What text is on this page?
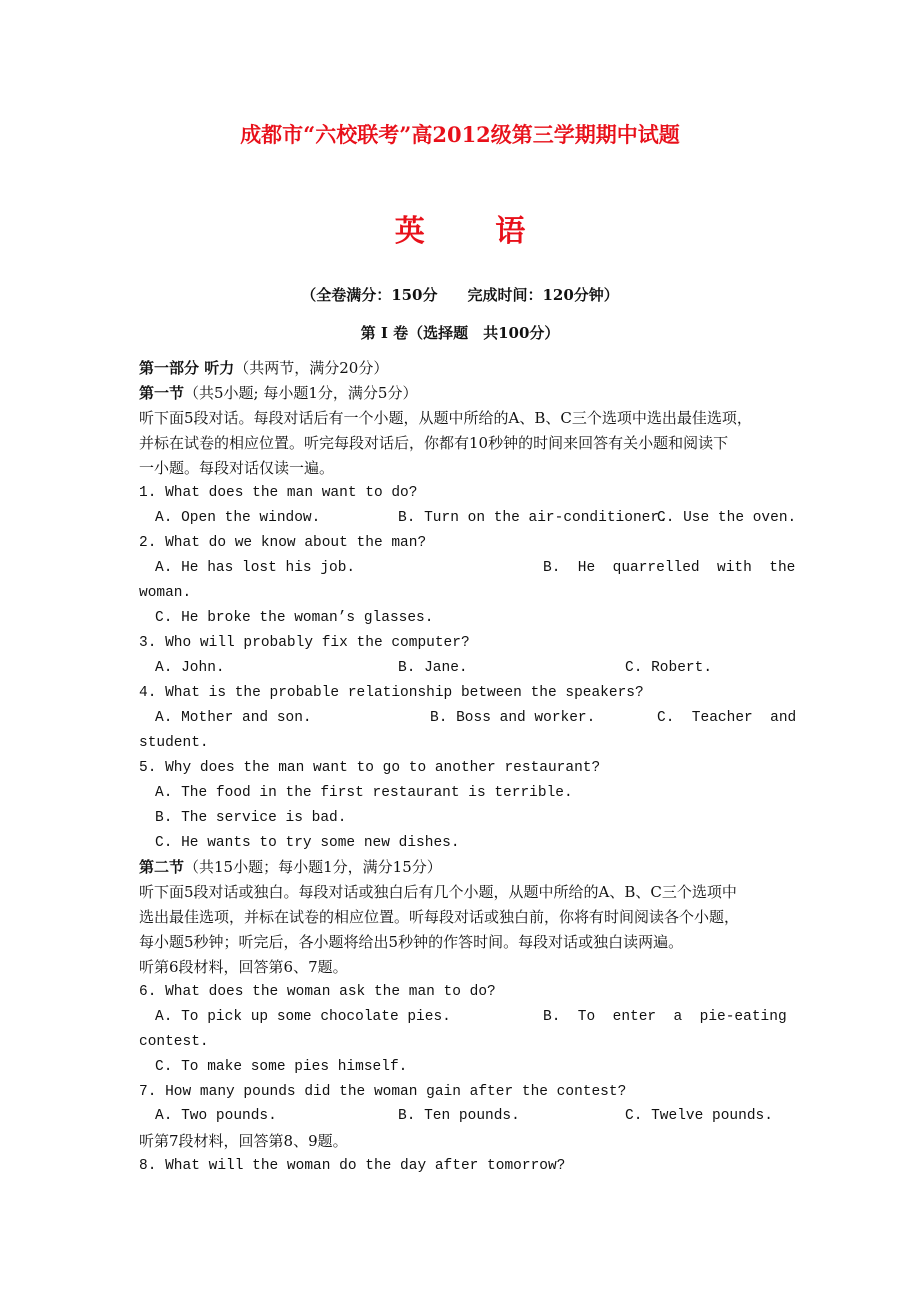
成都市“六校联考”高2012级第三学期期中试题
英 语
（全卷满分：150分　　完成时间：120分钟）
第 Ⅰ 卷（选择题　共100分）
第一部分 听力（共两节，满分20分）
第一节（共5小题; 每小题1分，满分5分）
听下面5段对话。每段对话后有一个小题，从题中所给的A、B、C三个选项中选出最佳选项，
并标在试卷的相应位置。听完每段对话后，你都有10秒钟的时间来回答有关小题和阅读下
一小题。每段对话仅读一遍。
1. What does the man want to do?
A. Open the window.	B. Turn on the air-conditioner.
C. Use the oven.
2. What do we know about the man?
A. He has lost his job.	B.  He  quarrelled  with  the
woman.
C. He broke the woman’s glasses.
3. Who will probably fix the computer?
A. John.	B. Jane.	C. Robert.
4. What is the probable relationship between the speakers?
A. Mother and son.	B. Boss and worker.	C.  Teacher  and
student.
5. Why does the man want to go to another restaurant?
A. The food in the first restaurant is terrible.
B. The service is bad.
C. He wants to try some new dishes.
第二节（共15小题；每小题1分，满分15分）
听下面5段对话或独白。每段对话或独白后有几个小题，从题中所给的A、B、C三个选项中
选出最佳选项，并标在试卷的相应位置。听每段对话或独白前，你将有时间阅读各个小题，
每小题5秒钟；听完后，各小题将给出5秒钟的作答时间。每段对话或独白读两遍。
听第6段材料，回答第6、7题。
6. What does the woman ask the man to do?
A. To pick up some chocolate pies.	B.  To  enter  a  pie-eating
contest.
C. To make some pies himself.
7. How many pounds did the woman gain after the contest?
A. Two pounds.	B. Ten pounds.	C. Twelve pounds.
听第7段材料，回答第8、9题。
8. What will the woman do the day after tomorrow?
